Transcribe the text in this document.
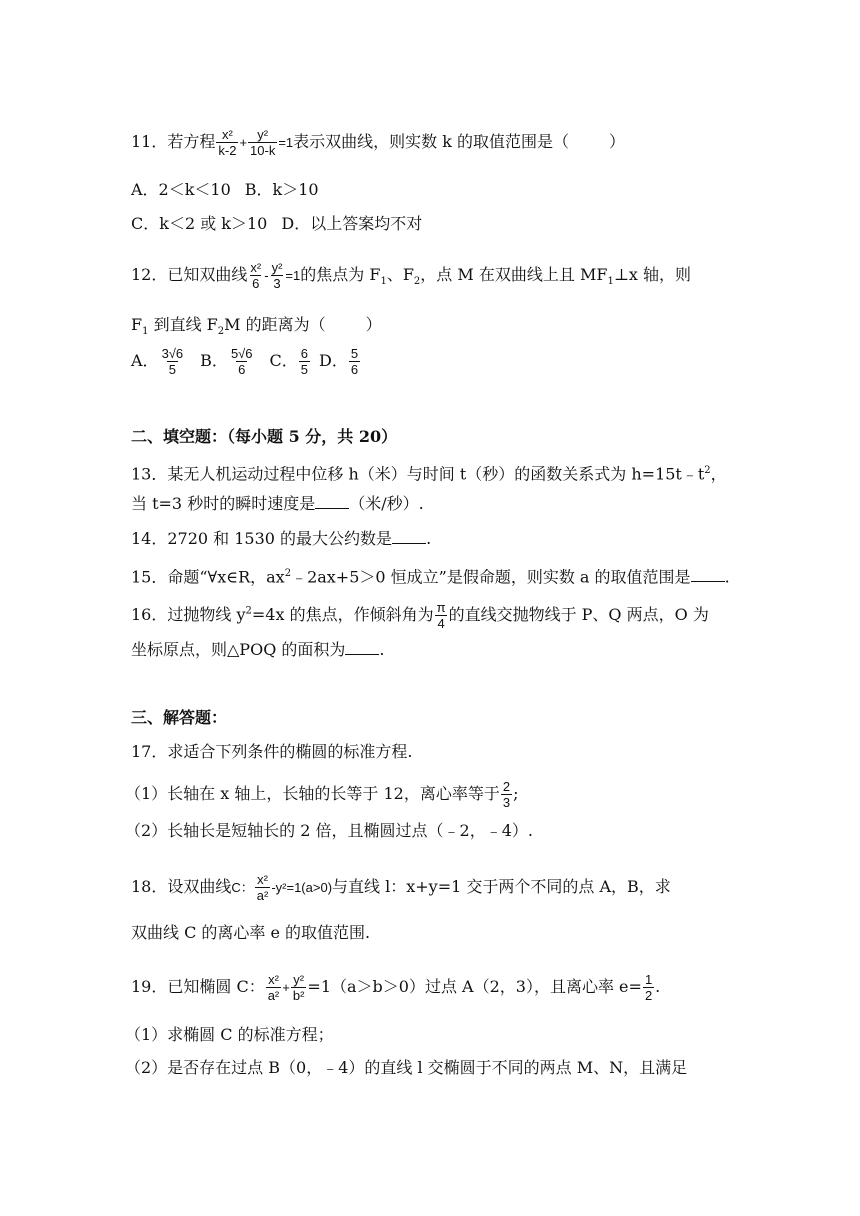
11．若方程 $\frac{\text{x²}}{k-2} + \frac{\text{y²}}{10-k} =1$表示双曲线，则实数 k 的取值范围是（	）
A．2＜k＜10 B．k＞10
C．k＜2 或 k＞10 D．以上答案均不对
12．已知双曲线 $\frac{\text{x²}}{6} - \frac{\text{y²}}{3} =1$的焦点为 $F_1$、$F_2$，点 M 在双曲线上且 $MF_1\perp x$ 轴，则
$F_1$ 到直线 $F_2M$ 的距离为（	）
A． $\frac{3√6}{5}$ B． $\frac{5√6}{6}$ C． $\frac{6}{5}$ D． $\frac{5}{6}$
二、填空题：（每小题 5 分，共 20）
13．某无人机运动过程中位移 h（米）与时间 t（秒）的函数关系式为 $h=15t﹣t^2$，
当 t=3 秒时的瞬时速度是 （米/秒）.
14．2720 和 1530 的最大公约数是 .
15．命题“∀x∈R，$ax^2﹣2ax+5>0$ 恒成立”是假命题，则实数 a 的取值范围是 .
16．过抛物线 $y^2=4x$ 的焦点，作倾斜角为 $\frac{\pi}{4}$ 的直线交抛物线于 P、Q 两点，O 为
坐标原点，则△POQ 的面积为 .
三、解答题：
17．求适合下列条件的椭圆的标准方程.
（1）长轴在 x 轴上，长轴的长等于 12，离心率等于 $\frac{2}{3}$ ;
（2）长轴长是短轴长的 2 倍，且椭圆过点（﹣2，﹣4）.
18．设双曲线C： $\frac{\text{x²}}{\text{a²}} -y^2=1(a>0)$与直线 l：x+y=1 交于两个不同的点 A，B，求
双曲线 C 的离心率 e 的取值范围.
19．已知椭圆 C： $\frac{\text{x²}}{\text{a²}} + \frac{\text{y²}}{\text{b²}} =1(a>b>0)$过点 A（2，3），且离心率 $e= \frac{1}{2}$ .
（1）求椭圆 C 的标准方程；
（2）是否存在过点 B（0，﹣4）的直线 l 交椭圆于不同的两点 M、N，且满足
